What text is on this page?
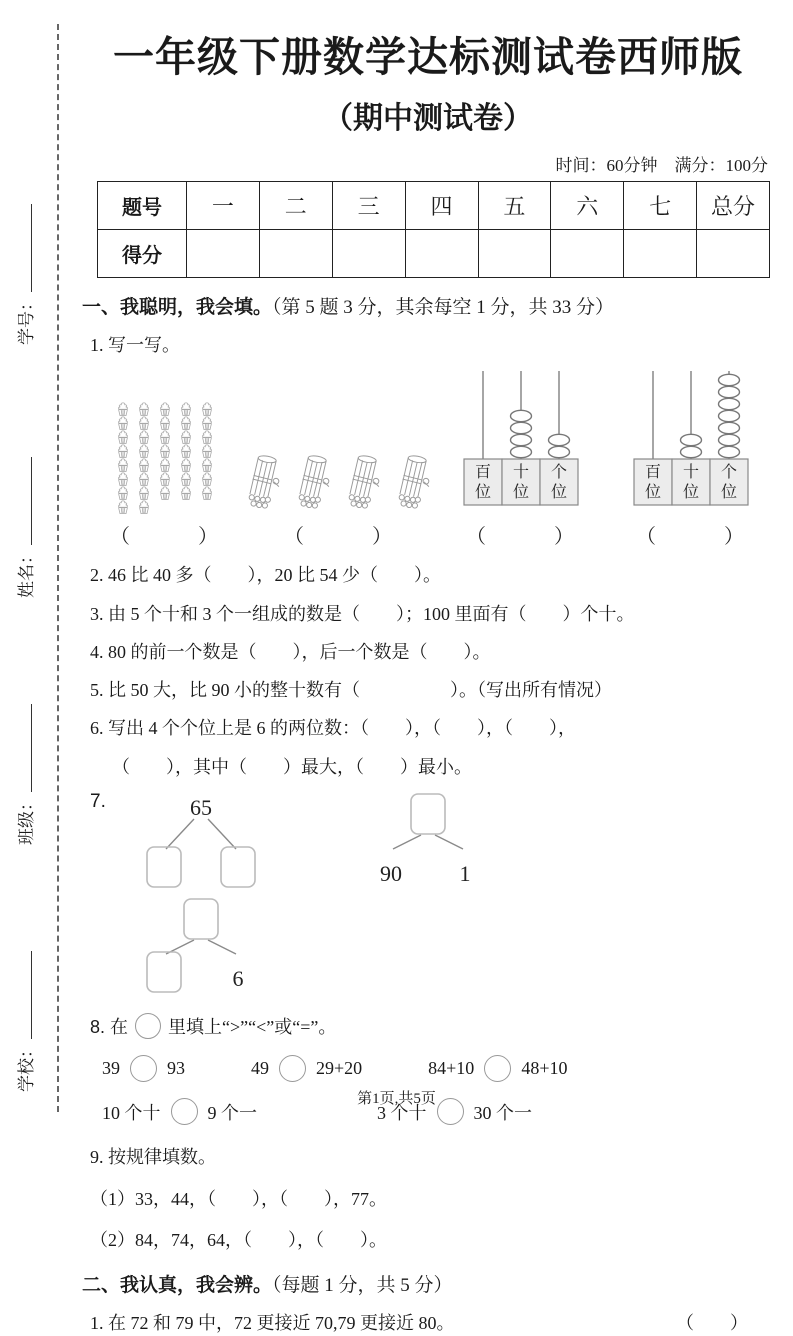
学号：
姓名：
班级：
学校：
一年级下册数学达标测试卷西师版
（期中测试卷）
时间：60分钟　满分：100分
题号	一	二	三	四	五	六	七	总分
得分								
一、我聪明，我会填。（第 5 题 3 分，其余每空 1 分，共 33 分）
1. 写一写。
（　　　）	（　　　）
百位
十位
个位
（　　　）
百位
十位
个位
（　　　）
2. 46 比 40 多（　　），20 比 54 少（　　）。
3. 由 5 个十和 3 个一组成的数是（　　）；100 里面有（　　）个十。
4. 80 的前一个数是（　　），后一个数是（　　）。
5. 比 50 大，比 90 小的整十数有（　　　　　）。（写出所有情况）
6. 写出 4 个个位上是 6 的两位数：（　　），（　　），（　　），
（　　），其中（　　）最大，（　　）最小。
7.	65
90	1
6
8. 在 里填上“>”“<”或“=”。
39	93	49	29+20	84+10	48+10
10 个十	9 个一	3 个十	30 个一
9. 按规律填数。
（1）33，44，（　　），（　　），77。
（2）84，74，64，（　　），（　　）。
二、我认真，我会辨。（每题 1 分，共 5 分）
1. 在 72 和 79 中，72 更接近 70,79 更接近 80。	（　　）
第1页,共5页
